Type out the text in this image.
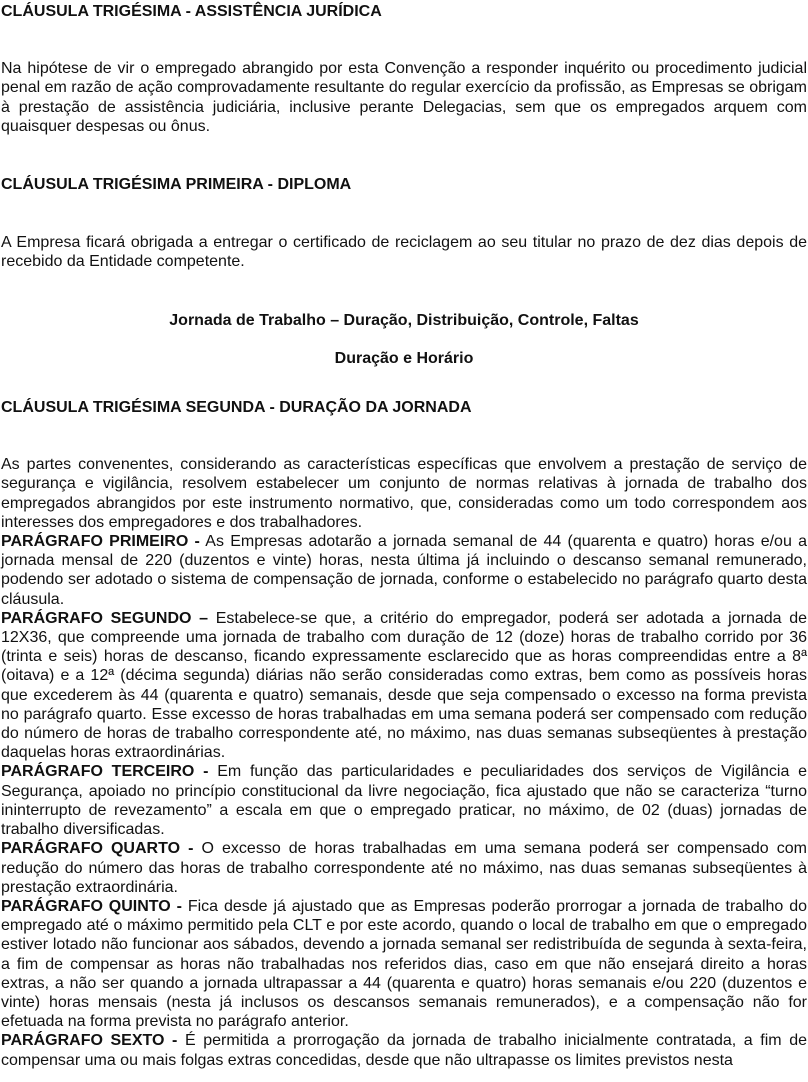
CLÁUSULA TRIGÉSIMA - ASSISTÊNCIA JURÍDICA

Na hipótese de vir o empregado abrangido por esta Convenção a responder inquérito ou procedimento judicial penal em razão de ação comprovadamente resultante do regular exercício da profissão, as Empresas se obrigam à prestação de assistência judiciária, inclusive perante Delegacias, sem que os empregados arquem com quaisquer despesas ou ônus.

CLÁUSULA TRIGÉSIMA PRIMEIRA - DIPLOMA

A Empresa ficará obrigada a entregar o certificado de reciclagem ao seu titular no prazo de dez dias depois de recebido da Entidade competente.

Jornada de Trabalho – Duração, Distribuição, Controle, Faltas
Duração e Horário
CLÁUSULA TRIGÉSIMA SEGUNDA - DURAÇÃO DA JORNADA

As partes convenentes, considerando as características específicas que envolvem a prestação de serviço de segurança e vigilância, resolvem estabelecer um conjunto de normas relativas à jornada de trabalho dos empregados abrangidos por este instrumento normativo, que, consideradas como um todo correspondem aos interesses dos empregadores e dos trabalhadores.

PARÁGRAFO PRIMEIRO - As Empresas adotarão a jornada semanal de 44 (quarenta e quatro) horas e/ou a jornada mensal de 220 (duzentos e vinte) horas, nesta última já incluindo o descanso semanal remunerado, podendo ser adotado o sistema de compensação de jornada, conforme o estabelecido no parágrafo quarto desta cláusula.

PARÁGRAFO SEGUNDO – Estabelece-se que, a critério do empregador, poderá ser adotada a jornada de 12X36, que compreende uma jornada de trabalho com duração de 12 (doze) horas de trabalho corrido por 36 (trinta e seis) horas de descanso, ficando expressamente esclarecido que as horas compreendidas entre a 8ª (oitava) e a 12ª (décima segunda) diárias não serão consideradas como extras, bem como as possíveis horas que excederem às 44 (quarenta e quatro) semanais, desde que seja compensado o excesso na forma prevista no parágrafo quarto. Esse excesso de horas trabalhadas em uma semana poderá ser compensado com redução do número de horas de trabalho correspondente até, no máximo, nas duas semanas subseqüentes à prestação daquelas horas extraordinárias.

PARÁGRAFO TERCEIRO - Em função das particularidades e peculiaridades dos serviços de Vigilância e Segurança, apoiado no princípio constitucional da livre negociação, fica ajustado que não se caracteriza “turno ininterrupto de revezamento” a escala em que o empregado praticar, no máximo, de 02 (duas) jornadas de trabalho diversificadas.

PARÁGRAFO QUARTO - O excesso de horas trabalhadas em uma semana poderá ser compensado com redução do número das horas de trabalho correspondente até no máximo, nas duas semanas subseqüentes à prestação extraordinária.

PARÁGRAFO QUINTO - Fica desde já ajustado que as Empresas poderão prorrogar a jornada de trabalho do empregado até o máximo permitido pela CLT e por este acordo, quando o local de trabalho em que o empregado estiver lotado não funcionar aos sábados, devendo a jornada semanal ser redistribuída de segunda à sexta-feira, a fim de compensar as horas não trabalhadas nos referidos dias, caso em que não ensejará direito a horas extras, a não ser quando a jornada ultrapassar a 44 (quarenta e quatro) horas semanais e/ou 220 (duzentos e vinte) horas mensais (nesta já inclusos os descansos semanais remunerados), e a compensação não for efetuada na forma prevista no parágrafo anterior.

PARÁGRAFO SEXTO - É permitida a prorrogação da jornada de trabalho inicialmente contratada, a fim de compensar uma ou mais folgas extras concedidas, desde que não ultrapasse os limites previstos nesta
